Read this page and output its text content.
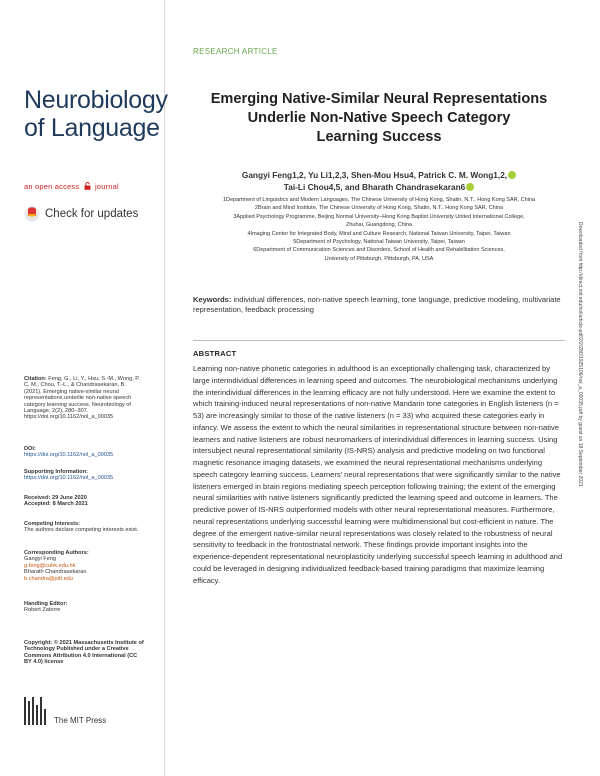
Neurobiology
of Language
an open access journal
Check for updates
Citation: Feng, G., Li, Y., Hsu, S.-M., Wong, P. C. M., Chou, T.-L., & Chandrasekaran, B. (2021). Emerging native-similar neural representations underlie non-native speech category learning success. Neurobiology of Language, 2(2), 280–307. https://doi.org/10.1162/nol_a_00035
DOI:
https://doi.org/10.1162/nol_a_00035
Supporting Information:
https://doi.org/10.1162/nol_a_00035
Received: 29 June 2020
Accepted: 8 March 2021
Competing Interests:
The authors declare competing interests exist.
Corresponding Authors:
Gangyi Feng
g.feng@cuhk.edu.hk
Bharath Chandrasekaran
b.chandra@pitt.edu
Handling Editor:
Robert Zatorre
Copyright: © 2021 Massachusetts Institute of Technology Published under a Creative Commons Attribution 4.0 International (CC BY 4.0) license
The MIT Press
RESEARCH ARTICLE
Emerging Native-Similar Neural Representations
Underlie Non-Native Speech Category
Learning Success
Gangyi Feng1,2, Yu Li1,2,3, Shen-Mou Hsu4, Patrick C. M. Wong1,2,
Tai-Li Chou4,5, and Bharath Chandrasekaran6
1Department of Linguistics and Modern Languages, The Chinese University of Hong Kong, Shatin, N.T., Hong Kong SAR, China
2Brain and Mind Institute, The Chinese University of Hong Kong, Shatin, N.T., Hong Kong SAR, China
3Applied Psychology Programme, Beijing Normal University–Hong Kong Baptist University United International College,
Zhuhai, Guangdong, China
4Imaging Center for Integrated Body, Mind and Culture Research, National Taiwan University, Taipei, Taiwan
5Department of Psychology, National Taiwan University, Taipei, Taiwan
6Department of Communication Sciences and Disorders, School of Health and Rehabilitation Sciences,
University of Pittsburgh, Pittsburgh, PA, USA
Keywords: individual differences, non-native speech learning, tone language, predictive modeling, multivariate representation, feedback processing
ABSTRACT
Learning non-native phonetic categories in adulthood is an exceptionally challenging task, characterized by large interindividual differences in learning speed and outcomes. The neurobiological mechanisms underlying the interindividual differences in the learning efficacy are not fully understood. Here we examine the extent to which training-induced neural representations of non-native Mandarin tone categories in English listeners (n = 53) are increasingly similar to those of the native listeners (n = 33) who acquired these categories early in infancy. We assess the extent to which the neural similarities in representational structure between non-native learners and native listeners are robust neuromarkers of interindividual differences in learning success. Using intersubject neural representational similarity (IS-NRS) analysis and predictive modeling on two functional magnetic resonance imaging datasets, we examined the neural representational mechanisms underlying speech category learning success. Learners’ neural representations that were significantly similar to the native listeners emerged in brain regions mediating speech perception following training; the extent of the emerging neural similarities with native listeners significantly predicted the learning speed and outcome in learners. The predictive power of IS-NRS outperformed models with other neural representational measures. Furthermore, neural representations underlying successful learning were multidimensional but cost-efficient in nature. The degree of the emergent native-similar neural representations was closely related to the robustness of neural sensitivity to feedback in the frontostriatal network. These findings provide important insights into the experience-dependent representational neuroplasticity underlying successful speech learning in adulthood and could be leveraged in designing individualized feedback-based training paradigms that maximize learning efficacy.
Downloaded from http://direct.mit.edu/nol/article-pdf/2/2/280/1925106/nol_a_00035.pdf by guest on 18 September 2021
